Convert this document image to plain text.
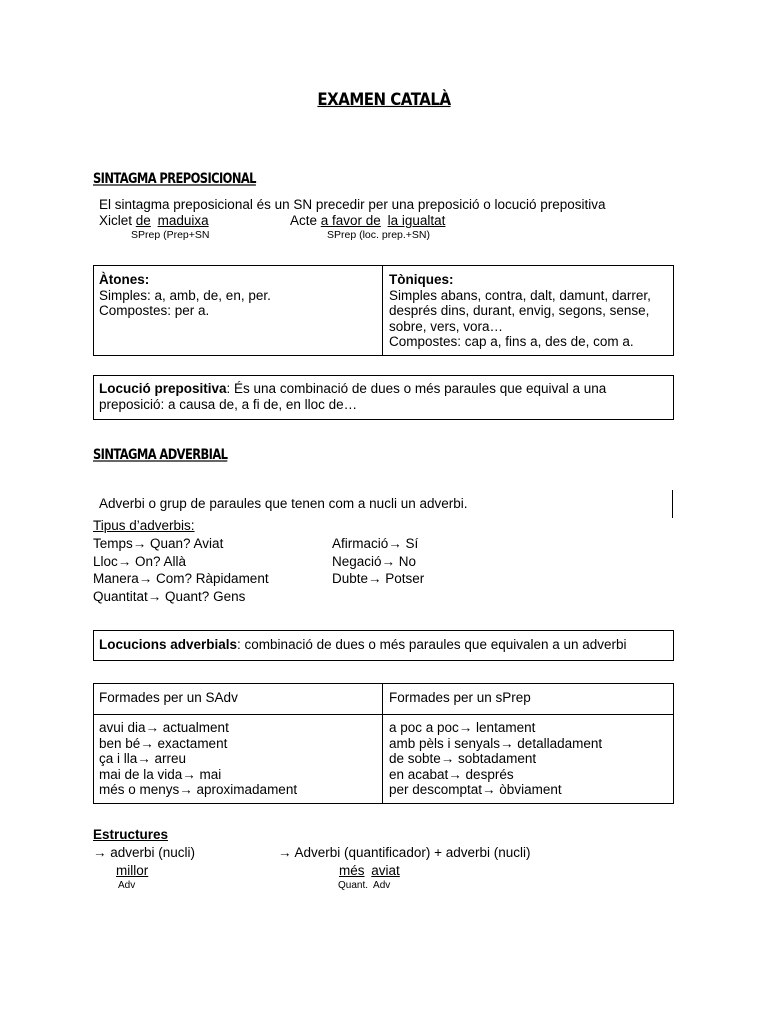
EXAMEN CATALÀ
SINTAGMA PREPOSICIONAL
El sintagma preposicional és un SN precedir per una preposició o locució prepositiva
Xiclet de maduixa
SPrep (Prep+SN
Acte a favor de la igualtat
SPrep (loc. prep.+SN)
Àtones:
Simples: a, amb, de, en, per.
Compostes: per a.
Tòniques:
Simples abans, contra, dalt, damunt, darrer,
després dins, durant, envig, segons, sense,
sobre, vers, vora…
Compostes: cap a, fins a, des de, com a.
Locució prepositiva: És una combinació de dues o més paraules que equival a una
preposició: a causa de, a fi de, en lloc de…
SINTAGMA ADVERBIAL
Adverbi o grup de paraules que tenen com a nucli un adverbi.
Tipus d’adverbis:
Temps→ Quan? Aviat
Lloc→ On? Allà
Manera→ Com? Ràpidament
Quantitat→ Quant? Gens
Afirmació→ Sí
Negació→ No
Dubte→ Potser
Locucions adverbials: combinació de dues o més paraules que equivalen a un adverbi
Formades per un SAdv	Formades per un sPrep
avui dia→ actualment
ben bé→ exactament
ça i lla→ arreu
mai de la vida→ mai
més o menys→ aproximadament
a poc a poc→ lentament
amb pèls i senyals→ detalladament
de sobte→ sobtadament
en acabat→ després
per descomptat→ òbviament
Estructures
→ adverbi (nucli)
millor
Adv
→ Adverbi (quantificador) + adverbi (nucli)
més aviat
Quant.  Adv
